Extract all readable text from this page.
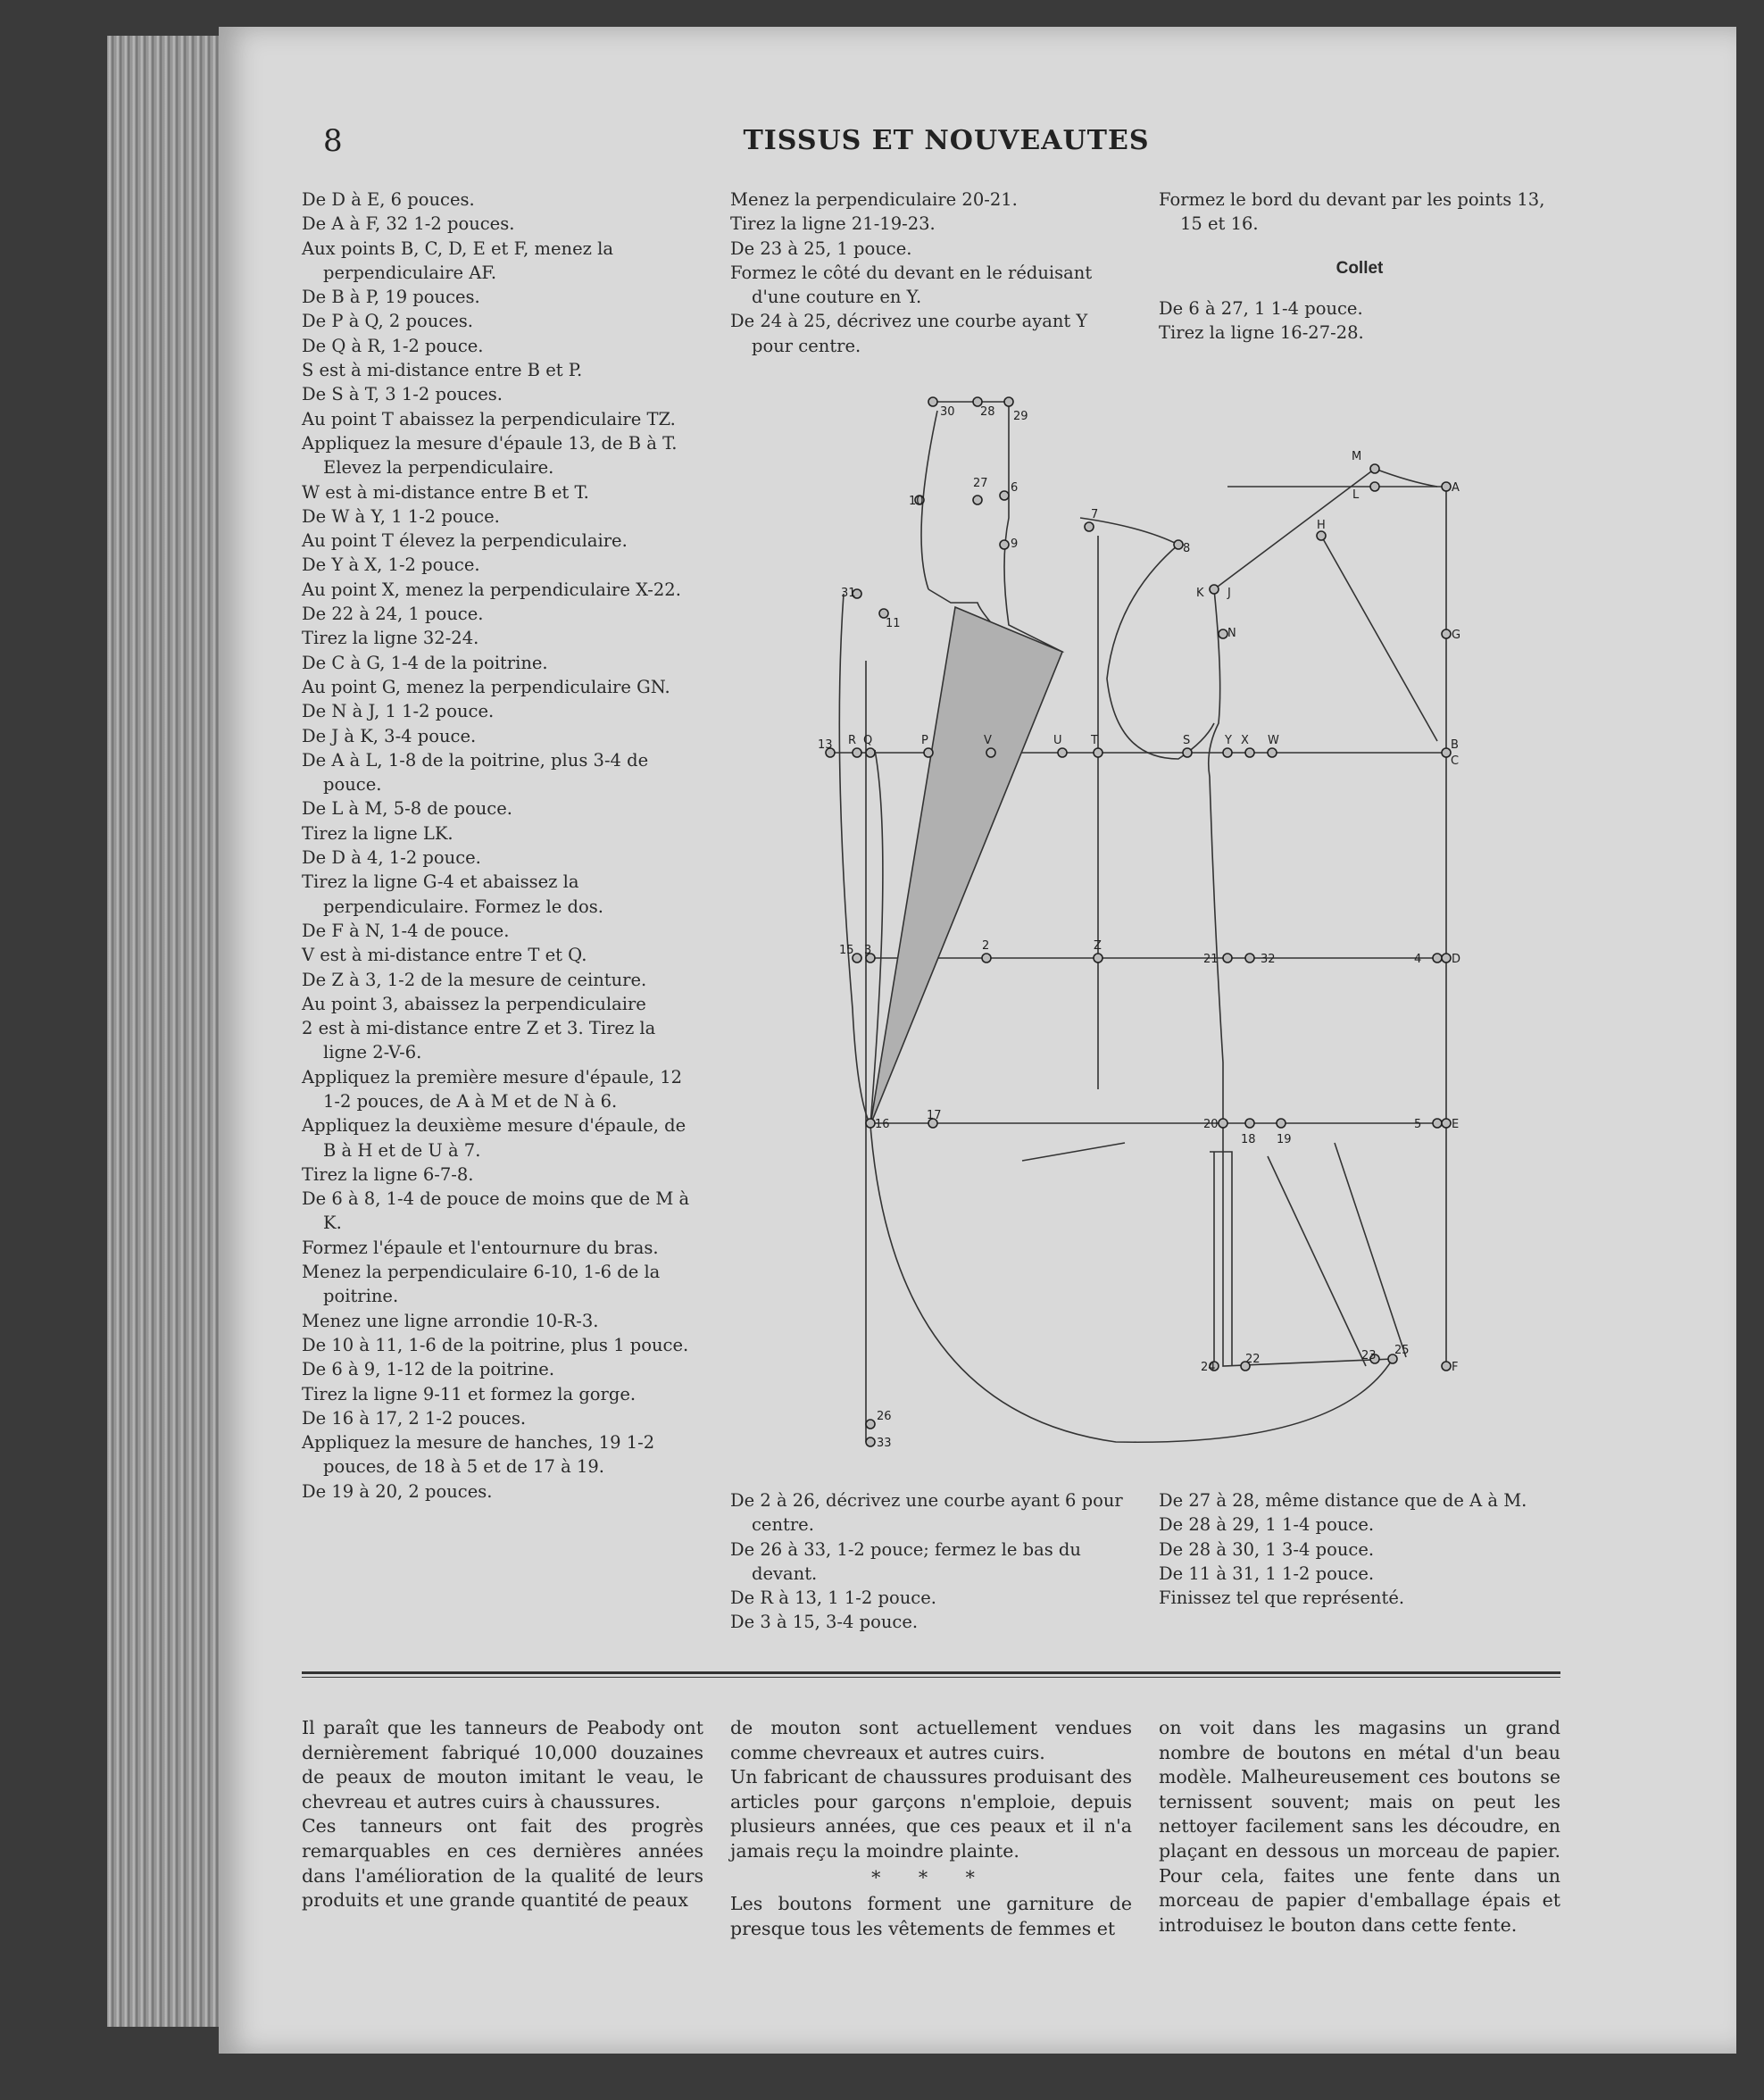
8	TISSUS ET NOUVEAUTES

De D à E, 6 pouces.

De A à F, 32 1-2 pouces.

Aux points B, C, D, E et F, menez la perpendiculaire AF.

De B à P, 19 pouces.

De P à Q, 2 pouces.

De Q à R, 1-2 pouce.

S est à mi-distance entre B et P.

De S à T, 3 1-2 pouces.

Au point T abaissez la perpendiculaire TZ.

Appliquez la mesure d'épaule 13, de B à T. Elevez la perpendiculaire.

W est à mi-distance entre B et T.

De W à Y, 1 1-2 pouce.

Au point T élevez la perpendiculaire.

De Y à X, 1-2 pouce.

Au point X, menez la perpendiculaire X-22.

De 22 à 24, 1 pouce.

Tirez la ligne 32-24.

De C à G, 1-4 de la poitrine.

Au point G, menez la perpendiculaire GN.

De N à J, 1 1-2 pouce.

De J à K, 3-4 pouce.

De A à L, 1-8 de la poitrine, plus 3-4 de pouce.

De L à M, 5-8 de pouce.

Tirez la ligne LK.

De D à 4, 1-2 pouce.

Tirez la ligne G-4 et abaissez la perpendiculaire. Formez le dos.

De F à N, 1-4 de pouce.

V est à mi-distance entre T et Q.

De Z à 3, 1-2 de la mesure de ceinture.

Au point 3, abaissez la perpendiculaire

2 est à mi-distance entre Z et 3. Tirez la ligne 2-V-6.

Appliquez la première mesure d'épaule, 12 1-2 pouces, de A à M et de N à 6.

Appliquez la deuxième mesure d'épaule, de B à H et de U à 7.

Tirez la ligne 6-7-8.

De 6 à 8, 1-4 de pouce de moins que de M à K.

Formez l'épaule et l'entournure du bras.

Menez la perpendiculaire 6-10, 1-6 de la poitrine.

Menez une ligne arrondie 10-R-3.

De 10 à 11, 1-6 de la poitrine, plus 1 pouce.

De 6 à 9, 1-12 de la poitrine.

Tirez la ligne 9-11 et formez la gorge.

De 16 à 17, 2 1-2 pouces.

Appliquez la mesure de hanches, 19 1-2 pouces, de 18 à 5 et de 17 à 19.

De 19 à 20, 2 pouces.

Menez la perpendiculaire 20-21.

Tirez la ligne 21-19-23.

De 23 à 25, 1 pouce.

Formez le côté du devant en le réduisant d'une couture en Y.

De 24 à 25, décrivez une courbe ayant Y pour centre.

Formez le bord du devant par les points 13, 15 et 16.

Collet

De 6 à 27, 1 1-4 pouce.

Tirez la ligne 16-27-28.

30 28 29
27
10
6
9
7
8
31
11
M
L
A
H
K J
N	G
13 R Q	P	V	U T	S	Y X W	B
C
15 3	2	Z
21	32	4	D
16
17
20
18 19
5	E
24
22	23 25
F
26
33

De 2 à 26, décrivez une courbe ayant 6 pour centre.

De 26 à 33, 1-2 pouce; fermez le bas du devant.

De R à 13, 1 1-2 pouce.

De 3 à 15, 3-4 pouce.

De 27 à 28, même distance que de A à M.

De 28 à 29, 1 1-4 pouce.

De 28 à 30, 1 3-4 pouce.

De 11 à 31, 1 1-2 pouce.

Finissez tel que représenté.

Il paraît que les tanneurs de Peabody ont dernièrement fabriqué 10,000 douzaines de peaux de mouton imitant le veau, le chevreau et autres cuirs à chaussures.

Ces tanneurs ont fait des progrès remarquables en ces dernières années dans l'amélioration de la qualité de leurs produits et une grande quantité de peaux

de mouton sont actuellement vendues comme chevreaux et autres cuirs.

Un fabricant de chaussures produisant des articles pour garçons n'emploie, depuis plusieurs années, que ces peaux et il n'a jamais reçu la moindre plainte.

* * *

Les boutons forment une garniture de presque tous les vêtements de femmes et

on voit dans les magasins un grand nombre de boutons en métal d'un beau modèle. Malheureusement ces boutons se ternissent souvent; mais on peut les nettoyer facilement sans les découdre, en plaçant en dessous un morceau de papier. Pour cela, faites une fente dans un morceau de papier d'emballage épais et introduisez le bouton dans cette fente.
